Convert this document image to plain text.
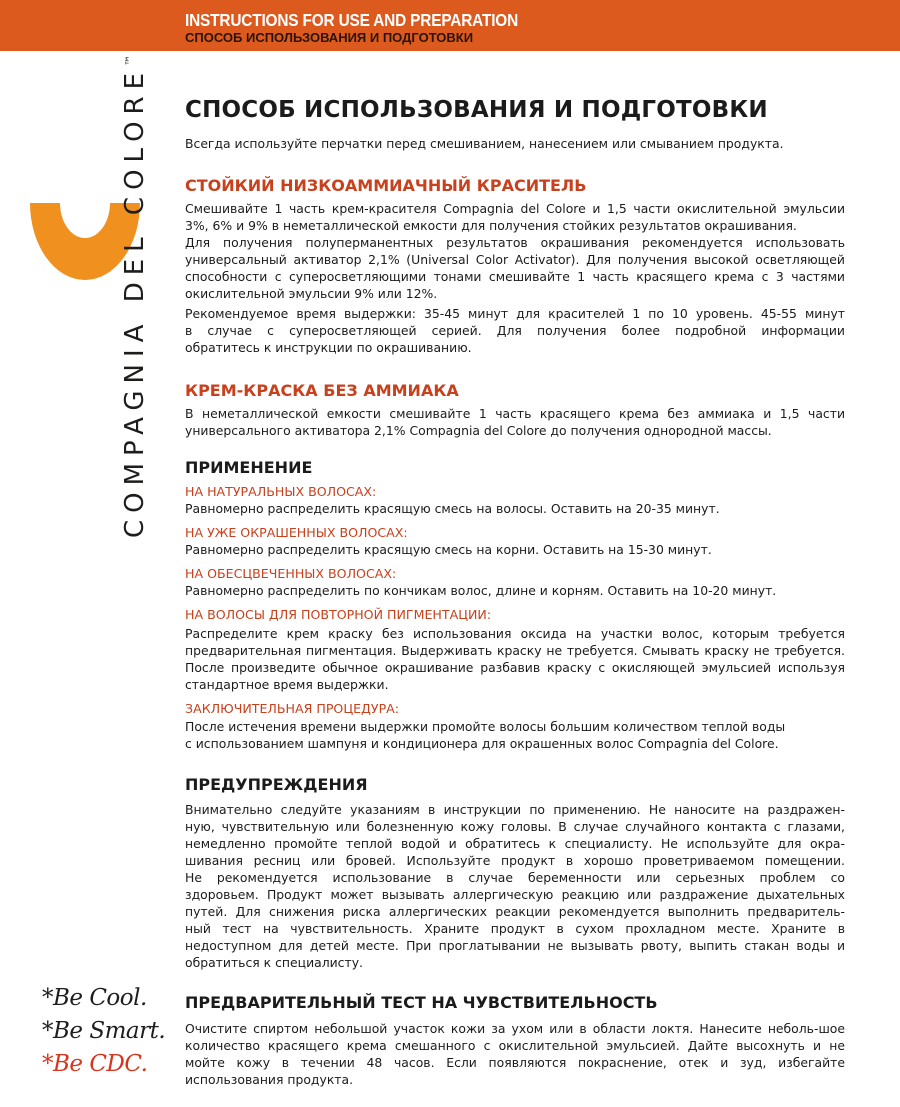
INSTRUCTIONS FOR USE AND PREPARATION
СПОСОБ ИСПОЛЬЗОВАНИЯ И ПОДГОТОВКИ
COMPAGNIA DEL COLORE™
*Be Cool.
*Be Smart.
*Be CDC.
СПОСОБ ИСПОЛЬЗОВАНИЯ И ПОДГОТОВКИ
Всегда используйте перчатки перед смешиванием, нанесением или смыванием продукта.
СТОЙКИЙ НИЗКОАММИАЧНЫЙ КРАСИТЕЛЬ
Смешивайте 1 часть крем-красителя Compagnia del Colore и 1,5 части окислительной эмульсии
3%, 6% и 9% в неметаллической емкости для получения стойких результатов окрашивания.
Для получения полуперманентных результатов окрашивания рекомендуется использовать
универсальный активатор 2,1% (Universal Color Activator). Для получения высокой осветляющей
способности с суперосветляющими тонами смешивайте 1 часть красящего крема с 3 частями
окислительной эмульсии 9% или 12%.
Рекомендуемое время выдержки: 35-45 минут для красителей 1 по 10 уровень. 45-55 минут
в случае с суперосветляющей серией. Для получения более подробной информации
обратитесь к инструкции по окрашиванию.
КРЕМ-КРАСКА БЕЗ АММИАКА
В неметаллической емкости смешивайте 1 часть красящего крема без аммиака и 1,5 части
универсального активатора 2,1% Compagnia del Colore до получения однородной массы.
ПРИМЕНЕНИЕ
НА НАТУРАЛЬНЫХ ВОЛОСАХ:
Равномерно распределить красящую смесь на волосы. Оставить на 20-35 минут.
НА УЖЕ ОКРАШЕННЫХ ВОЛОСАХ:
Равномерно распределить красящую смесь на корни. Оставить на 15-30 минут.
НА ОБЕСЦВЕЧЕННЫХ ВОЛОСАХ:
Равномерно распределить по кончикам волос, длине и корням. Оставить на 10-20 минут.
НА ВОЛОСЫ ДЛЯ ПОВТОРНОЙ ПИГМЕНТАЦИИ:
Распределите крем краску без использования оксида на участки волос, которым требуется
предварительная пигментация. Выдерживать краску не требуется. Смывать краску не требуется.
После произведите обычное окрашивание разбавив краску с окисляющей эмульсией используя
стандартное время выдержки.
ЗАКЛЮЧИТЕЛЬНАЯ ПРОЦЕДУРА:
После истечения времени выдержки промойте волосы большим количеством теплой воды
с использованием шампуня и кондиционера для окрашенных волос Compagnia del Colore.
ПРЕДУПРЕЖДЕНИЯ
Внимательно следуйте указаниям в инструкции по применению. Не наносите на раздражен-
ную, чувствительную или болезненную кожу головы. В случае случайного контакта с глазами,
немедленно промойте теплой водой и обратитесь к специалисту. Не используйте для окра-
шивания ресниц или бровей. Используйте продукт в хорошо проветриваемом помещении.
Не рекомендуется использование в случае беременности или серьезных проблем со
здоровьем. Продукт может вызывать аллергическую реакцию или раздражение дыхательных
путей. Для снижения риска аллергических реакции рекомендуется выполнить предваритель-
ный тест на чувствительность. Храните продукт в сухом прохладном месте. Храните в
недоступном для детей месте. При проглатывании не вызывать рвоту, выпить стакан воды и
обратиться к специалисту.
ПРЕДВАРИТЕЛЬНЫЙ ТЕСТ НА ЧУВСТВИТЕЛЬНОСТЬ
Очистите спиртом небольшой участок кожи за ухом или в области локтя. Нанесите неболь-шое
количество красящего крема смешанного с окислительной эмульсией. Дайте высохнуть и не
мойте кожу в течении 48 часов. Если появляются покраснение, отек и зуд, избегайте
использования продукта.
